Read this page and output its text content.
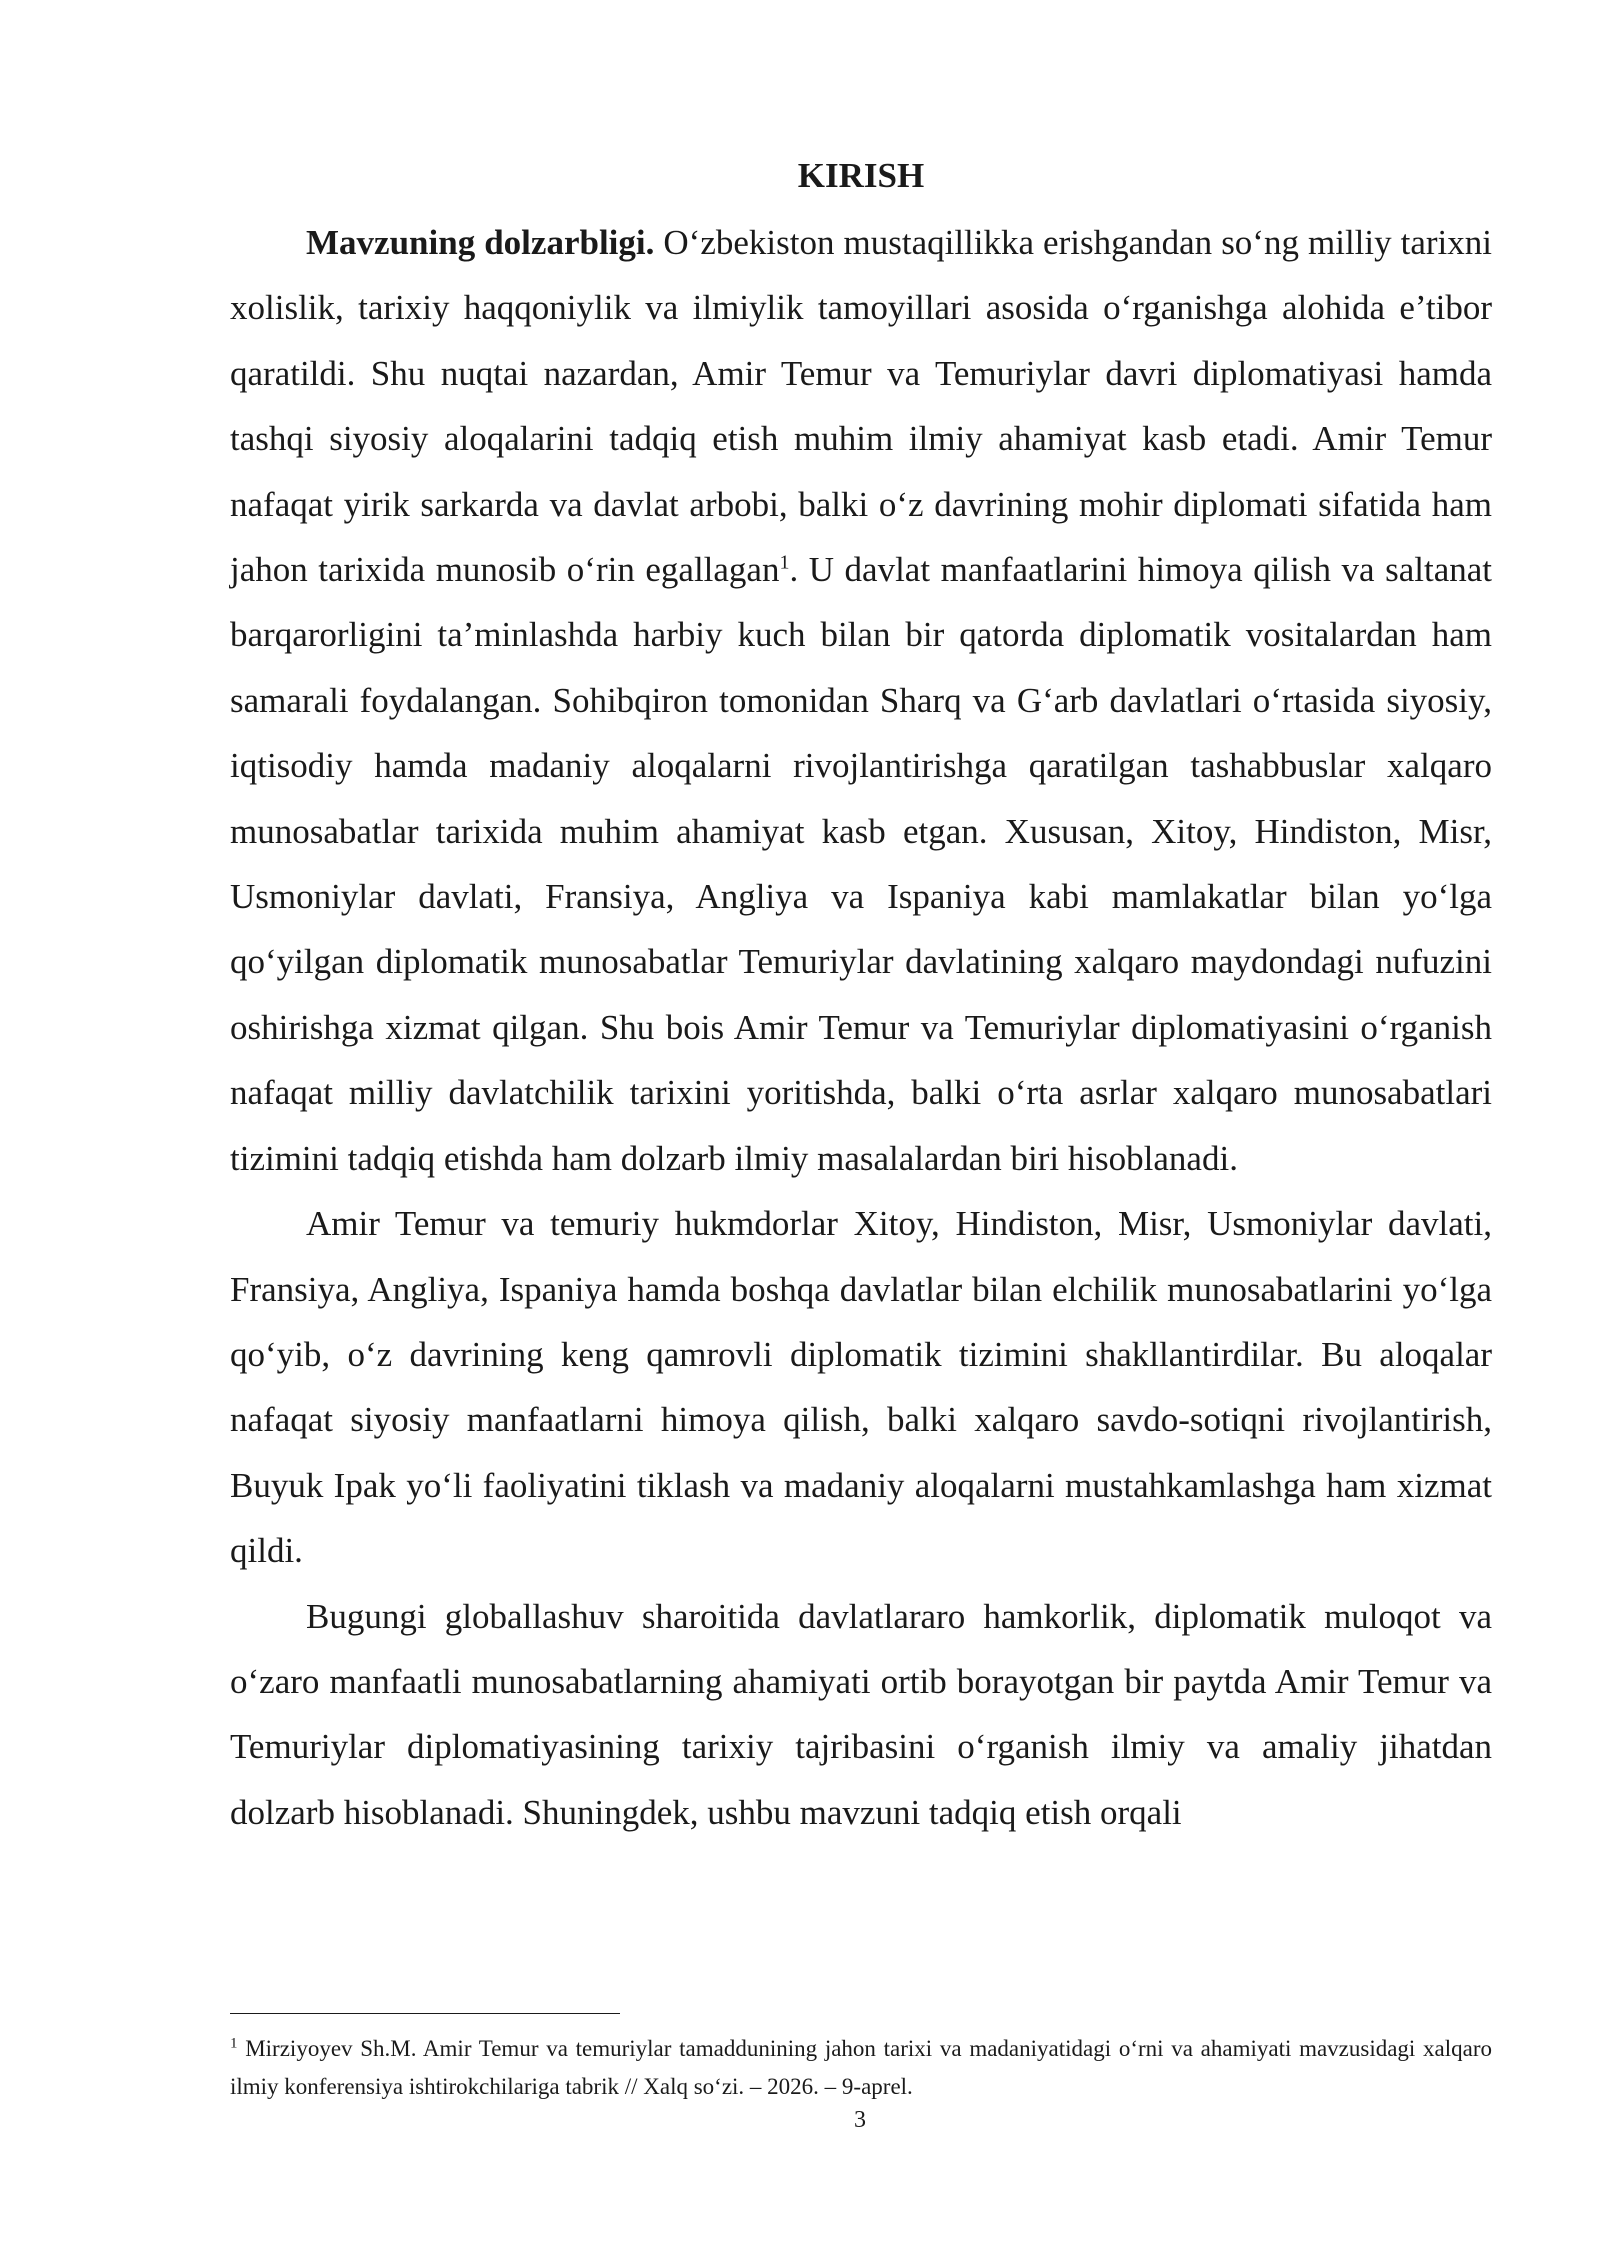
KIRISH

Mavzuning dolzarbligi. O‘zbekiston mustaqillikka erishgandan so‘ng milliy tarixni xolislik, tarixiy haqqoniylik va ilmiylik tamoyillari asosida o‘rganishga alohida e’tibor qaratildi. Shu nuqtai nazardan, Amir Temur va Temuriylar davri diplomatiyasi hamda tashqi siyosiy aloqalarini tadqiq etish muhim ilmiy ahamiyat kasb etadi. Amir Temur nafaqat yirik sarkarda va davlat arbobi, balki o‘z davrining mohir diplomati sifatida ham jahon tarixida munosib o‘rin egallagan$^1$. U davlat manfaatlarini himoya qilish va saltanat barqarorligini ta’minlashda harbiy kuch bilan bir qatorda diplomatik vositalardan ham samarali foydalangan. Sohibqiron tomonidan Sharq va G‘arb davlatlari o‘rtasida siyosiy, iqtisodiy hamda madaniy aloqalarni rivojlantirishga qaratilgan tashabbuslar xalqaro munosabatlar tarixida muhim ahamiyat kasb etgan. Xususan, Xitoy, Hindiston, Misr, Usmoniylar davlati, Fransiya, Angliya va Ispaniya kabi mamlakatlar bilan yo‘lga qo‘yilgan diplomatik munosabatlar Temuriylar davlatining xalqaro maydondagi nufuzini oshirishga xizmat qilgan. Shu bois Amir Temur va Temuriylar diplomatiyasini o‘rganish nafaqat milliy davlatchilik tarixini yoritishda, balki o‘rta asrlar xalqaro munosabatlari tizimini tadqiq etishda ham dolzarb ilmiy masalalardan biri hisoblanadi.

Amir Temur va temuriy hukmdorlar Xitoy, Hindiston, Misr, Usmoniylar davlati, Fransiya, Angliya, Ispaniya hamda boshqa davlatlar bilan elchilik munosabatlarini yo‘lga qo‘yib, o‘z davrining keng qamrovli diplomatik tizimini shakllantirdilar. Bu aloqalar nafaqat siyosiy manfaatlarni himoya qilish, balki xalqaro savdo-sotiqni rivojlantirish, Buyuk Ipak yo‘li faoliyatini tiklash va madaniy aloqalarni mustahkamlashga ham xizmat qildi.

Bugungi globallashuv sharoitida davlatlararo hamkorlik, diplomatik muloqot va o‘zaro manfaatli munosabatlarning ahamiyati ortib borayotgan bir paytda Amir Temur va Temuriylar diplomatiyasining tarixiy tajribasini o‘rganish ilmiy va amaliy jihatdan dolzarb hisoblanadi. Shuningdek, ushbu mavzuni tadqiq etish orqali

$^1$ Mirziyoyev Sh.M. Amir Temur va temuriylar tamaddunining jahon tarixi va madaniyatidagi o‘rni va ahamiyati mavzusidagi xalqaro ilmiy konferensiya ishtirokchilariga tabrik // Xalq so‘zi. – 2026. – 9-aprel.
3
